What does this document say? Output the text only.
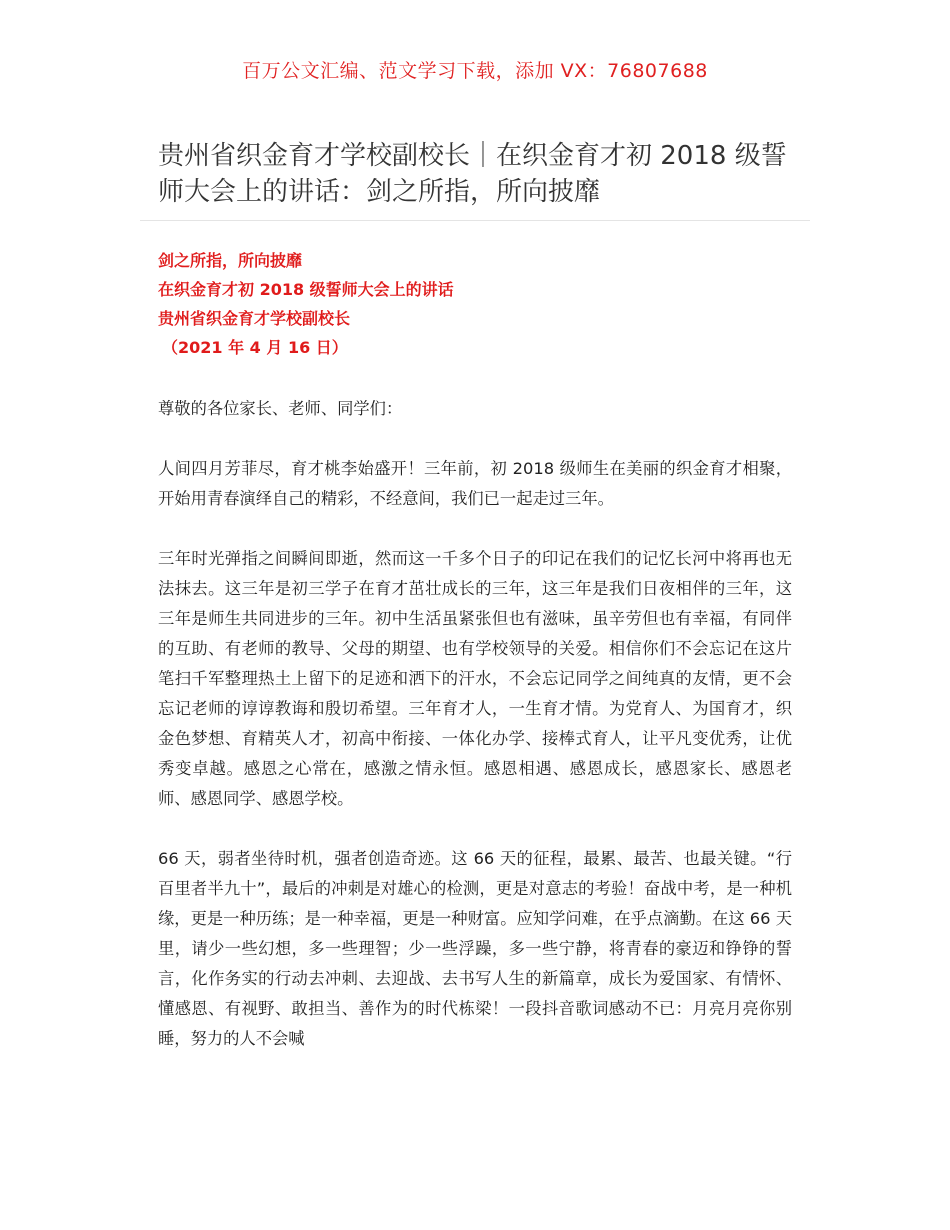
百万公文汇编、范文学习下载，添加 VX：76807688
贵州省织金育才学校副校长｜在织金育才初 2018 级誓师大会上的讲话：剑之所指，所向披靡
剑之所指，所向披靡
在织金育才初 2018 级誓师大会上的讲话
贵州省织金育才学校副校长
（2021 年 4 月 16 日）

尊敬的各位家长、老师、同学们：

人间四月芳菲尽，育才桃李始盛开！三年前，初 2018 级师生在美丽的织金育才相聚，开始用青春演绎自己的精彩，不经意间，我们已一起走过三年。

三年时光弹指之间瞬间即逝，然而这一千多个日子的印记在我们的记忆长河中将再也无法抹去。这三年是初三学子在育才茁壮成长的三年，这三年是我们日夜相伴的三年，这三年是师生共同进步的三年。初中生活虽紧张但也有滋味，虽辛劳但也有幸福，有同伴的互助、有老师的教导、父母的期望、也有学校领导的关爱。相信你们不会忘记在这片笔扫千军整理热土上留下的足迹和洒下的汗水，不会忘记同学之间纯真的友情，更不会忘记老师的谆谆教诲和殷切希望。三年育才人，一生育才情。为党育人、为国育才，织金色梦想、育精英人才，初高中衔接、一体化办学、接棒式育人，让平凡变优秀，让优秀变卓越。感恩之心常在，感激之情永恒。感恩相遇、感恩成长，感恩家长、感恩老师、感恩同学、感恩学校。

66 天，弱者坐待时机，强者创造奇迹。这 66 天的征程，最累、最苦、也最关键。“行百里者半九十”，最后的冲刺是对雄心的检测，更是对意志的考验！奋战中考，是一种机缘，更是一种历练；是一种幸福，更是一种财富。应知学问难，在乎点滴勤。在这 66 天里，请少一些幻想，多一些理智；少一些浮躁，多一些宁静，将青春的豪迈和铮铮的誓言，化作务实的行动去冲刺、去迎战、去书写人生的新篇章，成长为爱国家、有情怀、懂感恩、有视野、敢担当、善作为的时代栋梁！一段抖音歌词感动不已：月亮月亮你别睡，努力的人不会喊
